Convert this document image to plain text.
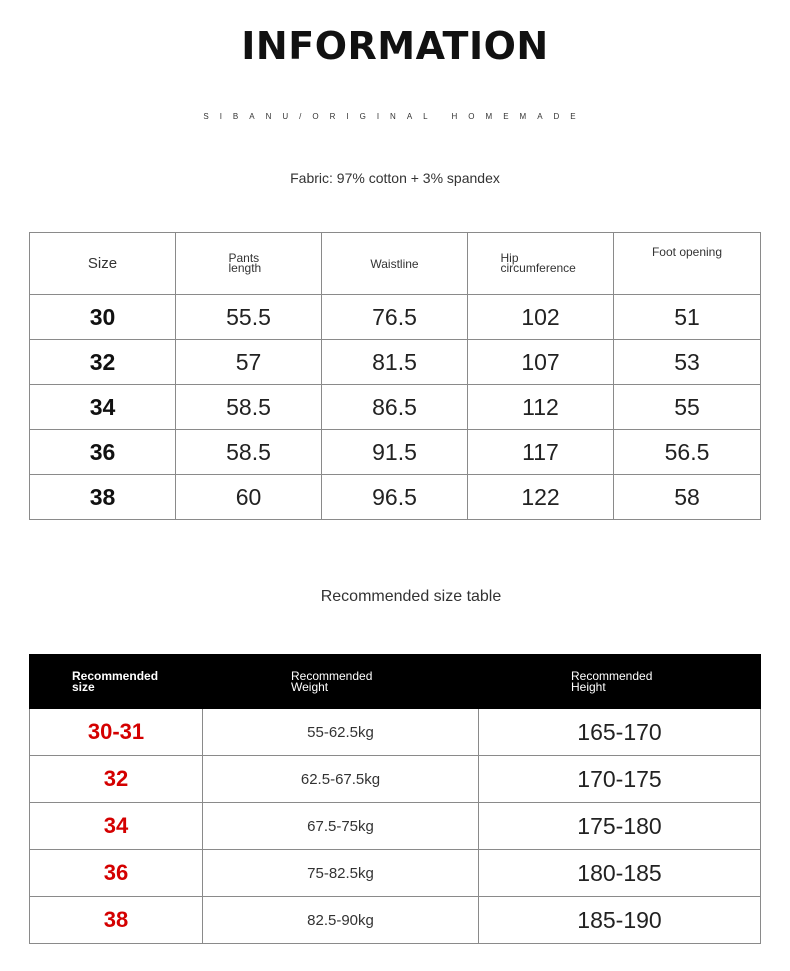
INFORMATION
SIBANU/ORIGINAL HOMEMADE
Fabric: 97% cotton + 3% spandex
Size	Pants length	Waistline	Hip circumference	Foot opening
30	55.5	76.5	102	51
32	57	81.5	107	53
34	58.5	86.5	112	55
36	58.5	91.5	117	56.5
38	60	96.5	122	58
Recommended size table
Recommended size	Recommended Weight	Recommended Height
30-31	55-62.5kg	165-170
32	62.5-67.5kg	170-175
34	67.5-75kg	175-180
36	75-82.5kg	180-185
38	82.5-90kg	185-190
